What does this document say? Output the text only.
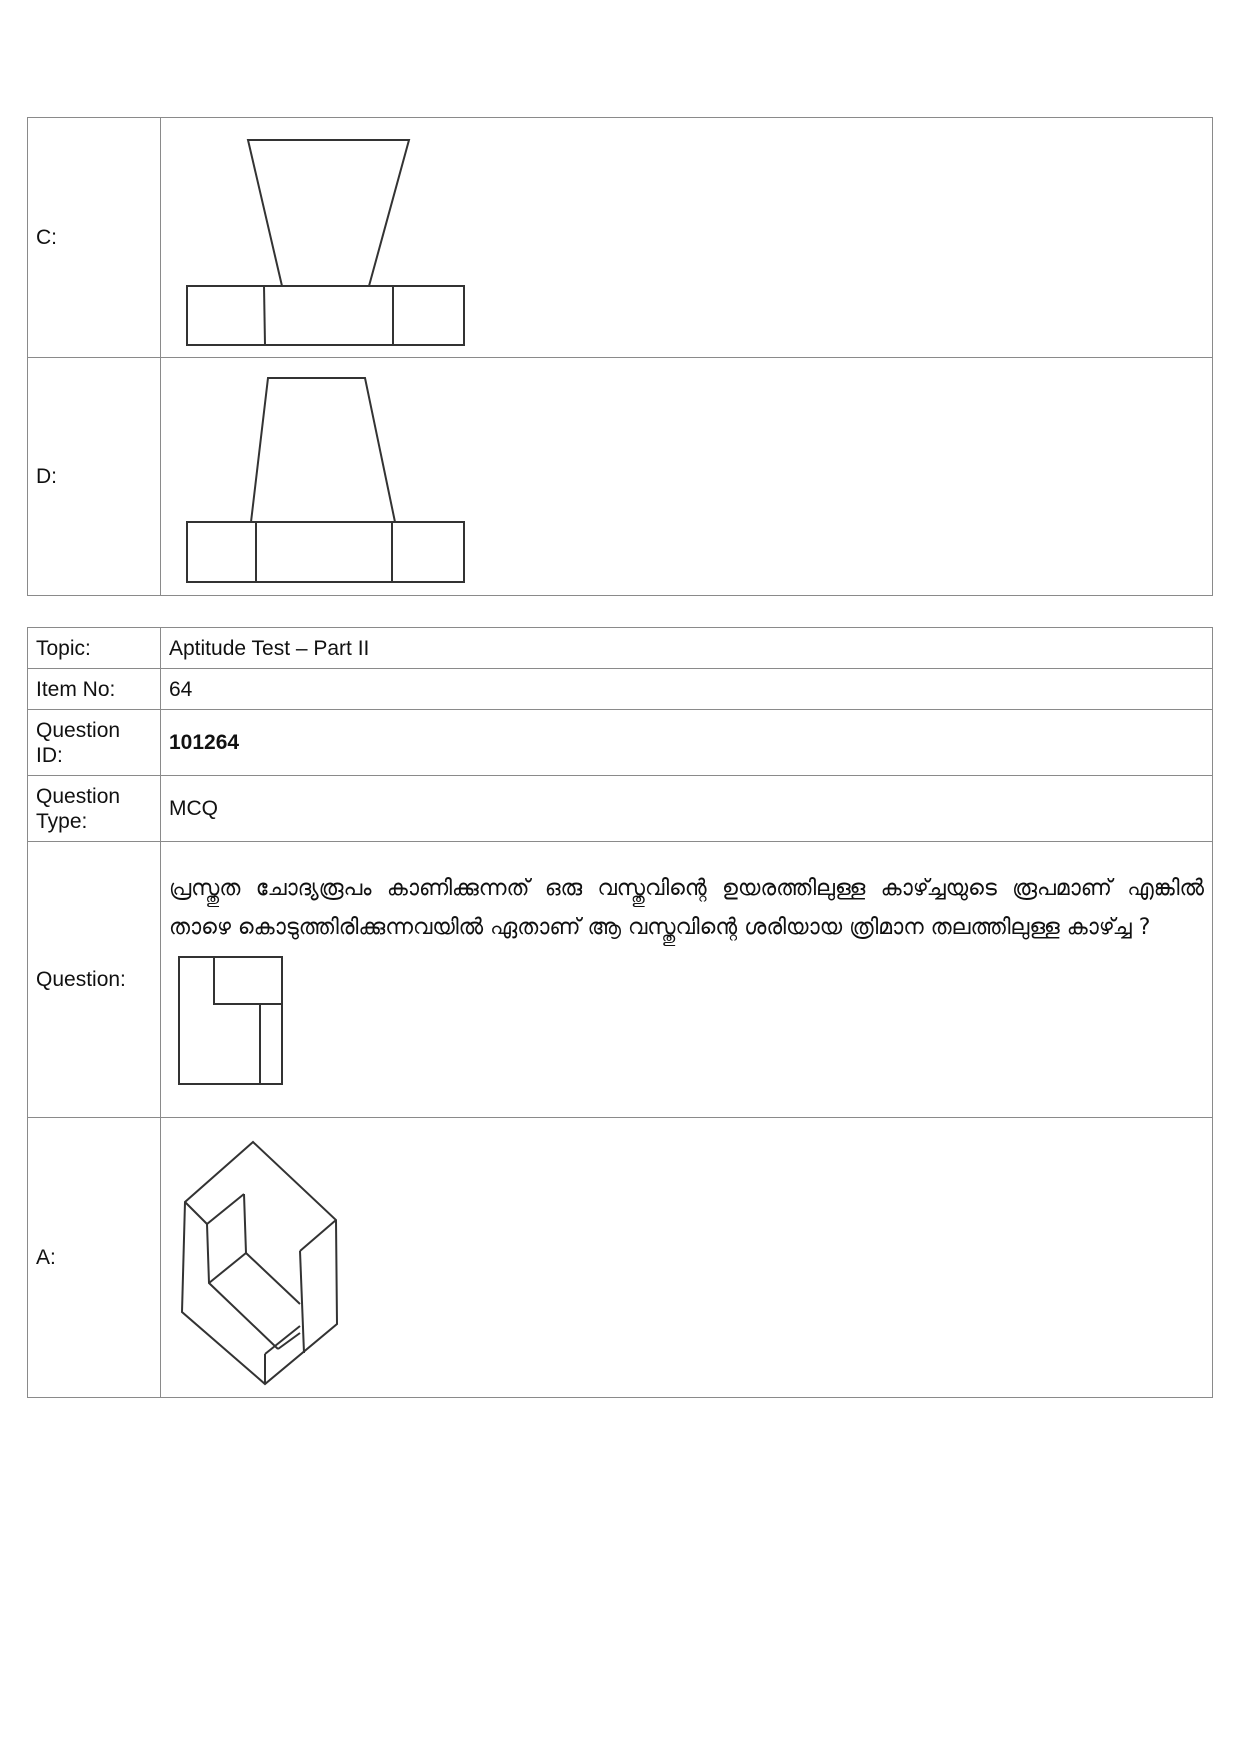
C:	

D:	
Topic:	Aptitude Test – Part II
Item No:	64
Question ID:	101264
Question Type:	MCQ
Question:	പ്രസ്തുത ചോദ്യരൂപം കാണിക്കുന്നത് ഒരു വസ്തുവിന്റെ ഉയരത്തിലുള്ള കാഴ്ച്ചയുടെ രൂപമാണ് എങ്കിൽ താഴെ കൊടുത്തിരിക്കുന്നവയിൽ ഏതാണ് ആ വസ്തുവിന്റെ ശരിയായ ത്രിമാന തലത്തിലുള്ള കാഴ്ച്ച ?

A:	
